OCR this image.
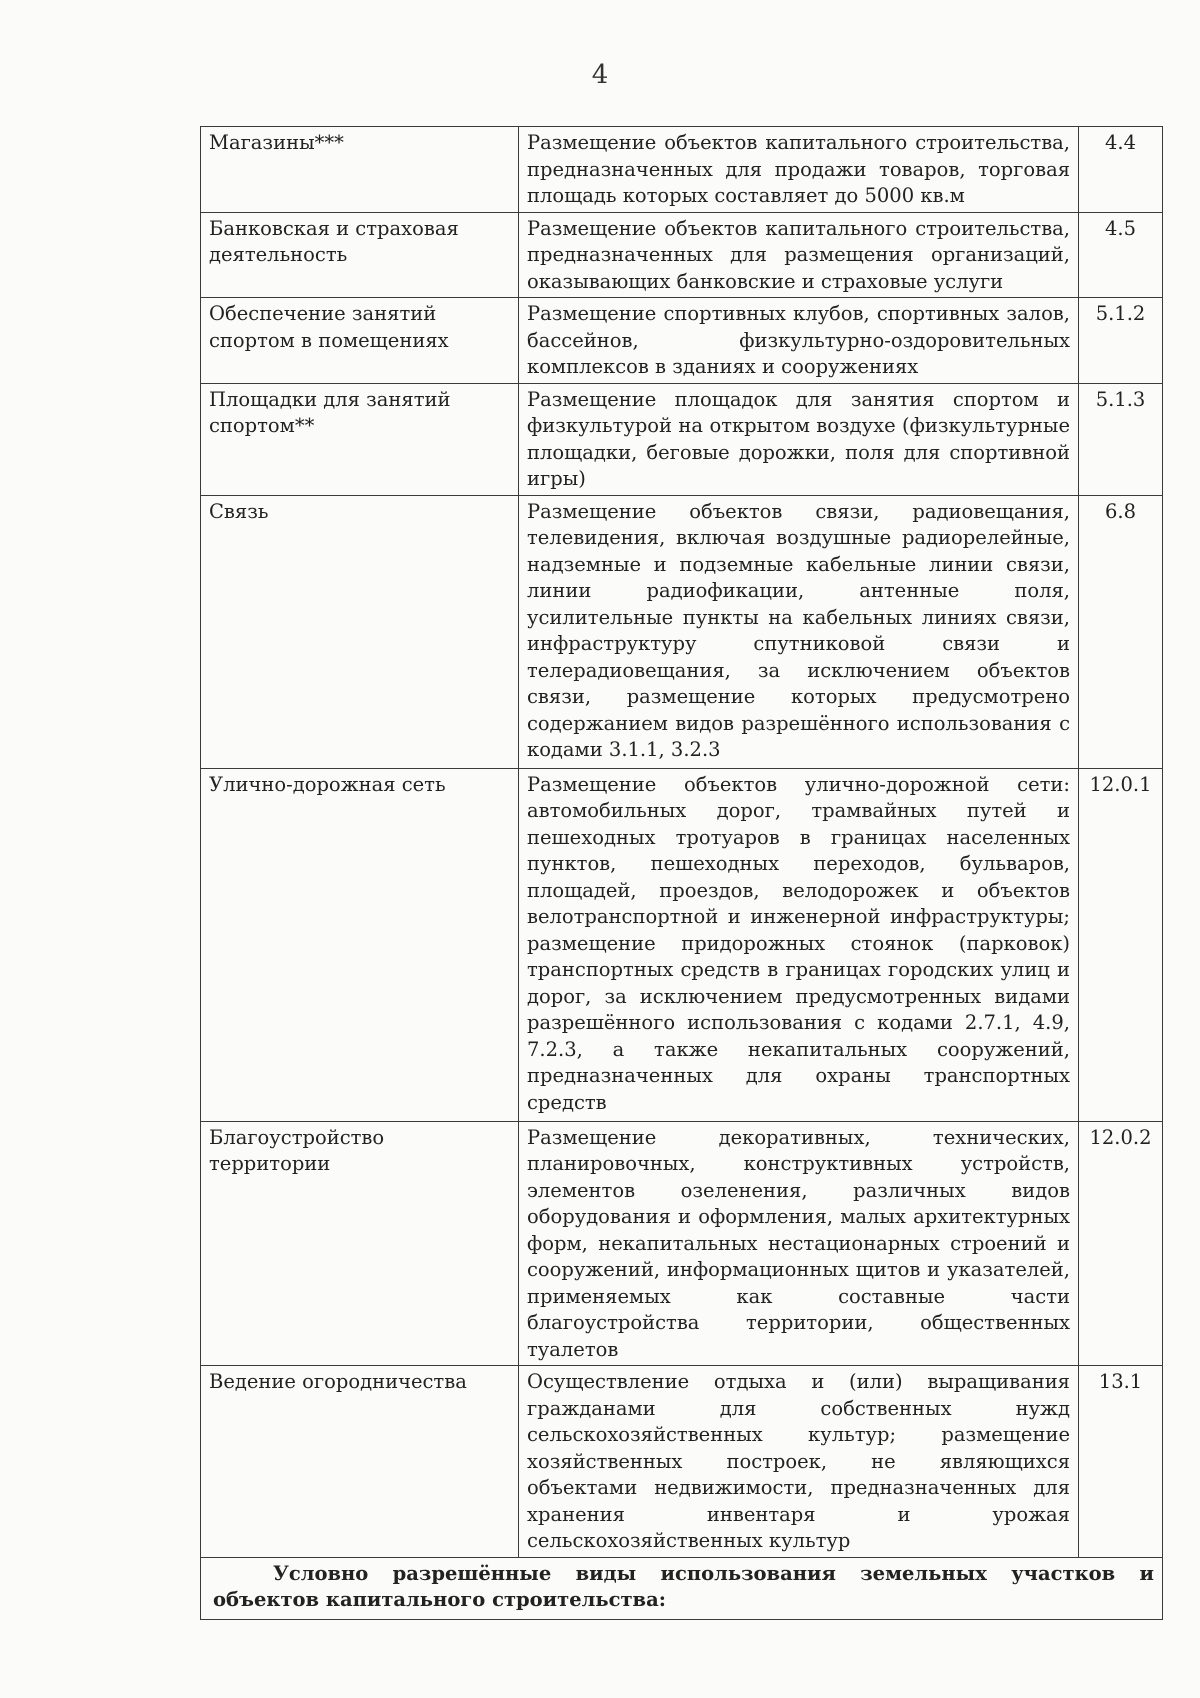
4
Магазины***	Размещение объектов капитального строительства, предназначенных для продажи товаров, торговая площадь которых составляет до 5000 кв.м	4.4
Банковская и страховая деятельность	Размещение объектов капитального строительства, предназначенных для размещения организаций, оказывающих банковские и страховые услуги	4.5
Обеспечение занятий спортом в помещениях	Размещение спортивных клубов, спортивных залов, бассейнов, физкультурно-оздоровительных комплексов в зданиях и сооружениях	5.1.2
Площадки для занятий спортом**	Размещение площадок для занятия спортом и физкультурой на открытом воздухе (физкультурные площадки, беговые дорожки, поля для спортивной игры)	5.1.3
Связь	Размещение объектов связи, радиовещания, телевидения, включая воздушные радиорелейные, надземные и подземные кабельные линии связи, линии радиофикации, антенные поля, усилительные пункты на кабельных линиях связи, инфраструктуру спутниковой связи и телерадиовещания, за исключением объектов связи, размещение которых предусмотрено содержанием видов разрешённого использования с кодами 3.1.1, 3.2.3	6.8
Улично-дорожная сеть	Размещение объектов улично-дорожной сети: автомобильных дорог, трамвайных путей и пешеходных тротуаров в границах населенных пунктов, пешеходных переходов, бульваров, площадей, проездов, велодорожек и объектов велотранспортной и инженерной инфраструктуры; размещение придорожных стоянок (парковок) транспортных средств в границах городских улиц и дорог, за исключением предусмотренных видами разрешённого использования с кодами 2.7.1, 4.9, 7.2.3, а также некапитальных сооружений, предназначенных для охраны транспортных средств	12.0.1
Благоустройство территории	Размещение декоративных, технических, планировочных, конструктивных устройств, элементов озеленения, различных видов оборудования и оформления, малых архитектурных форм, некапитальных нестационарных строений и сооружений, информационных щитов и указателей, применяемых как составные части благоустройства территории, общественных туалетов	12.0.2
Ведение огородничества	Осуществление отдыха и (или) выращивания гражданами для собственных нужд сельскохозяйственных культур; размещение хозяйственных построек, не являющихся объектами недвижимости, предназначенных для хранения инвентаря и урожая сельскохозяйственных культур	13.1
Условно разрешённые виды использования земельных участков и объектов капитального строительства:		
